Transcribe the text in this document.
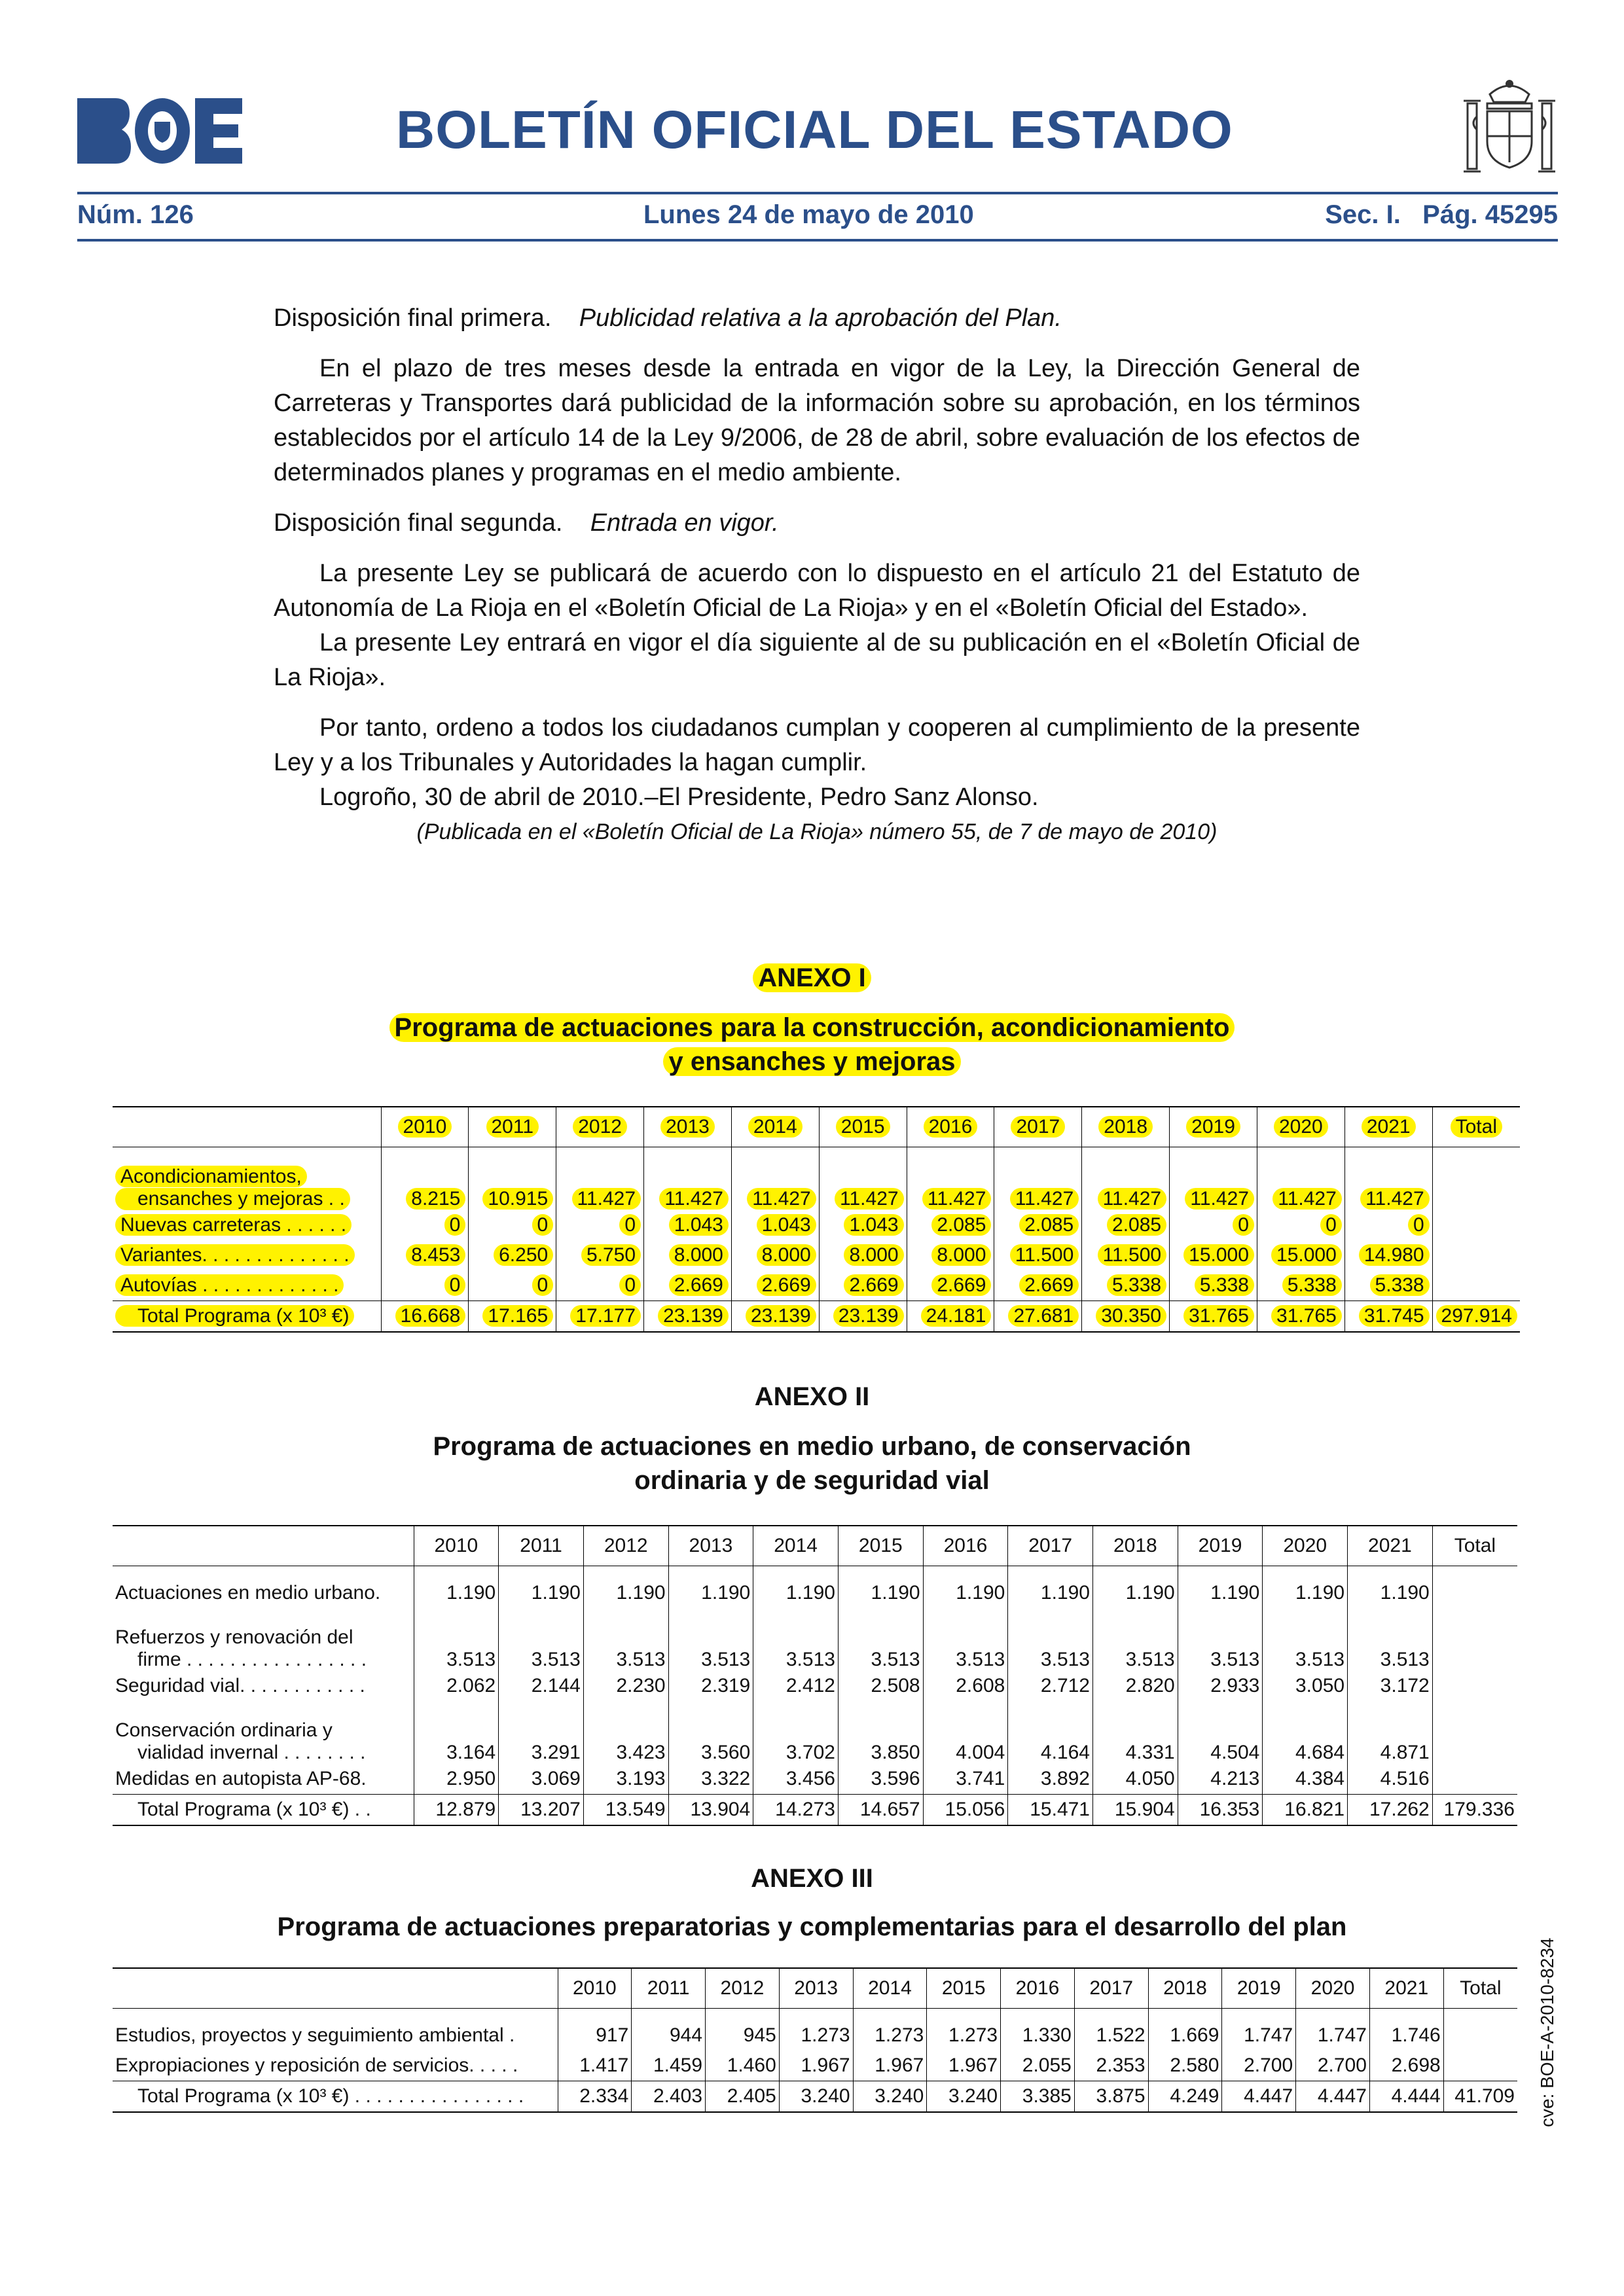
BOLETÍN OFICIAL DEL ESTADO
Núm. 126	Lunes 24 de mayo de 2010	Sec. I.   Pág. 45295

Disposición final primera. Publicidad relativa a la aprobación del Plan.

En el plazo de tres meses desde la entrada en vigor de la Ley, la Dirección General de Carreteras y Transportes dará publicidad de la información sobre su aprobación, en los términos establecidos por el artículo 14 de la Ley 9/2006, de 28 de abril, sobre evaluación de los efectos de determinados planes y programas en el medio ambiente.

Disposición final segunda. Entrada en vigor.

La presente Ley se publicará de acuerdo con lo dispuesto en el artículo 21 del Estatuto de Autonomía de La Rioja en el «Boletín Oficial de La Rioja» y en el «Boletín Oficial del Estado».

La presente Ley entrará en vigor el día siguiente al de su publicación en el «Boletín Oficial de La Rioja».

Por tanto, ordeno a todos los ciudadanos cumplan y cooperen al cumplimiento de la presente Ley y a los Tribunales y Autoridades la hagan cumplir.

Logroño, 30 de abril de 2010.–El Presidente, Pedro Sanz Alonso.

(Publicada en el «Boletín Oficial de La Rioja» número 55, de 7 de mayo de 2010)

ANEXO I
Programa de actuaciones para la construcción, acondicionamiento
y ensanches y mejoras
	2010	2011	2012	2013	2014	2015	2016	2017	2018	2019	2020	2021	Total
Acondicionamientos,
ensanches y mejoras . .	8.215	10.915	11.427	11.427	11.427	11.427	11.427	11.427	11.427	11.427	11.427	11.427	
Nuevas carreteras . . . . . .	0	0	0	1.043	1.043	1.043	2.085	2.085	2.085	0	0	0	
Variantes. . . . . . . . . . . . . .	8.453	6.250	5.750	8.000	8.000	8.000	8.000	11.500	11.500	15.000	15.000	14.980	
Autovías . . . . . . . . . . . . .	0	0	0	2.669	2.669	2.669	2.669	2.669	5.338	5.338	5.338	5.338	
Total Programa (x 10³ €)	16.668	17.165	17.177	23.139	23.139	23.139	24.181	27.681	30.350	31.765	31.765	31.745	297.914
ANEXO II
Programa de actuaciones en medio urbano, de conservación
ordinaria y de seguridad vial
	2010	2011	2012	2013	2014	2015	2016	2017	2018	2019	2020	2021	Total
Actuaciones en medio urbano.	1.190	1.190	1.190	1.190	1.190	1.190	1.190	1.190	1.190	1.190	1.190	1.190	
Refuerzos y renovación del
firme . . . . . . . . . . . . . . . . .	3.513	3.513	3.513	3.513	3.513	3.513	3.513	3.513	3.513	3.513	3.513	3.513	
Seguridad vial. . . . . . . . . . . .	2.062	2.144	2.230	2.319	2.412	2.508	2.608	2.712	2.820	2.933	3.050	3.172	
Conservación ordinaria y
vialidad invernal . . . . . . . .	3.164	3.291	3.423	3.560	3.702	3.850	4.004	4.164	4.331	4.504	4.684	4.871	
Medidas en autopista AP-68.	2.950	3.069	3.193	3.322	3.456	3.596	3.741	3.892	4.050	4.213	4.384	4.516	
Total Programa (x 10³ €) . .	12.879	13.207	13.549	13.904	14.273	14.657	15.056	15.471	15.904	16.353	16.821	17.262	179.336
ANEXO III
Programa de actuaciones preparatorias y complementarias para el desarrollo del plan
	2010	2011	2012	2013	2014	2015	2016	2017	2018	2019	2020	2021	Total
Estudios, proyectos y seguimiento ambiental .	917	944	945	1.273	1.273	1.273	1.330	1.522	1.669	1.747	1.747	1.746	
Expropiaciones y reposición de servicios. . . . .	1.417	1.459	1.460	1.967	1.967	1.967	2.055	2.353	2.580	2.700	2.700	2.698	
Total Programa (x 10³ €) . . . . . . . . . . . . . . . .	2.334	2.403	2.405	3.240	3.240	3.240	3.385	3.875	4.249	4.447	4.447	4.444	41.709 cve: BOE-A-2010-8234
